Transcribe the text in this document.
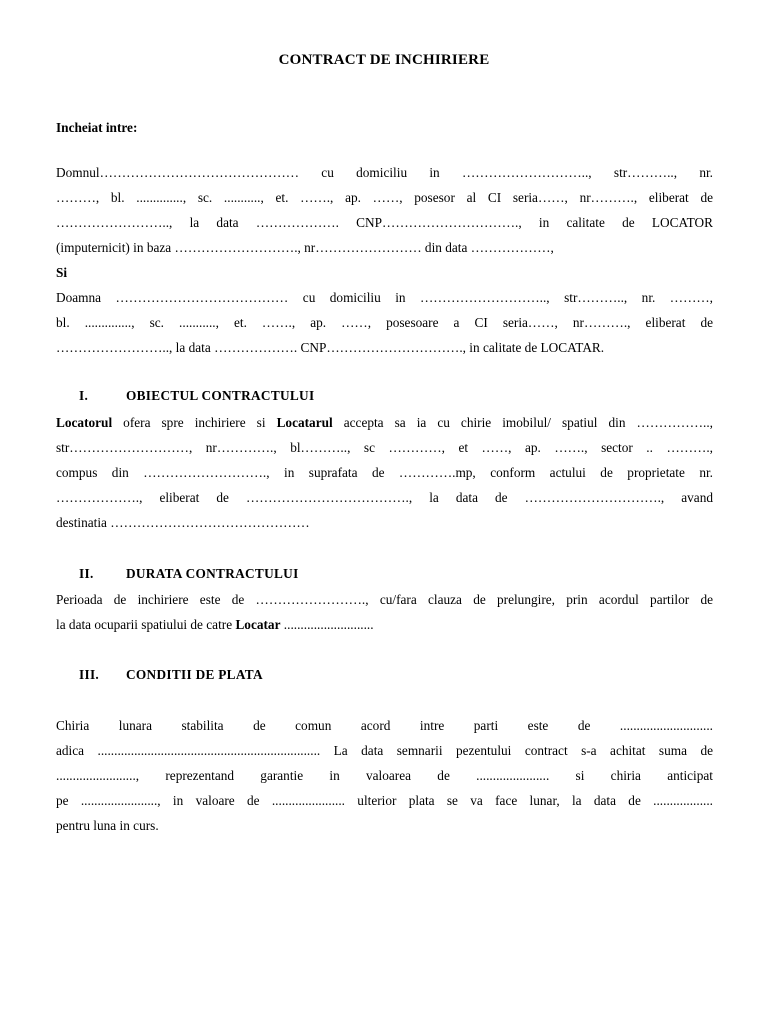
CONTRACT DE INCHIRIERE

Incheiat intre:

Domnul……………………………………… cu domiciliu in ……………………….., str……….., nr.
………, bl. .............., sc. ..........., et. ……., ap. ……, posesor al CI seria……, nr………., eliberat de
…………………….., la data ………………. CNP…………………………., in calitate de LOCATOR
(imputernicit) in baza ………………………., nr…………………… din data ………………,
Si
Doamna ………………………………… cu domiciliu in ……………………….., str……….., nr. ………,
bl. .............., sc. ..........., et. ……., ap. ……, posesoare a CI seria……, nr………., eliberat de
…………………….., la data ………………. CNP…………………………., in calitate de LOCATAR.
I.	OBIECTUL CONTRACTULUI
Locatorul ofera spre inchiriere si Locatarul accepta sa ia cu chirie imobilul/ spatiul din ……………..,
str………………………, nr…………., bl……….., sc …………, et ……, ap. ……., sector .. ……….,
compus din ………………………., in suprafata de ………….mp, conform actului de proprietate nr.
………………., eliberat de ………………………………., la data de …………………………., avand
destinatia ………………………………………
II. DURATA CONTRACTULUI
Perioada de inchiriere este de ……………………., cu/fara clauza de prelungire, prin acordul partilor de
la data ocuparii spatiului de catre Locatar ...........................
III. CONDITII DE PLATA
Chiria lunara stabilita de comun acord intre parti este de ............................
adica ................................................................... La data semnarii pezentului contract s-a achitat suma de
........................, reprezentand garantie in valoarea de ...................... si chiria anticipat
pe ......................., in valoare de ...................... ulterior plata se va face lunar, la data de ..................
pentru luna in curs.
